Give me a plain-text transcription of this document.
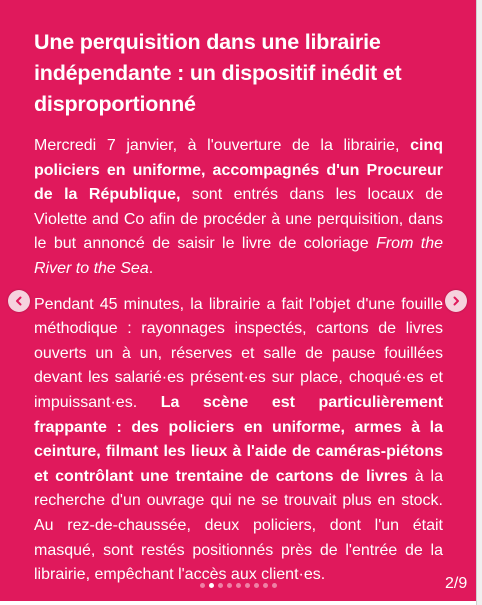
Une perquisition dans une librairie indépendante : un dispositif inédit et disproportionné

Mercredi 7 janvier, à l'ouverture de la librairie, cinq policiers en uniforme, accompagnés d'un Procureur de la République, sont entrés dans les locaux de Violette and Co afin de procéder à une perquisition, dans le but annoncé de saisir le livre de coloriage From the River to the Sea.

Pendant 45 minutes, la librairie a fait l'objet d'une fouille méthodique : rayonnages inspectés, cartons de livres ouverts un à un, réserves et salle de pause fouillées devant les salarié·es présent·es sur place, choqué·es et impuissant·es. La scène est particulièrement frappante : des policiers en uniforme, armes à la ceinture, filmant les lieux à l'aide de caméras-piétons et contrôlant une trentaine de cartons de livres à la recherche d'un ouvrage qui ne se trouvait plus en stock. Au rez-de-chaussée, deux policiers, dont l'un était masqué, sont restés positionnés près de l'entrée de la librairie, empêchant l'accès aux client·es.

2/9
